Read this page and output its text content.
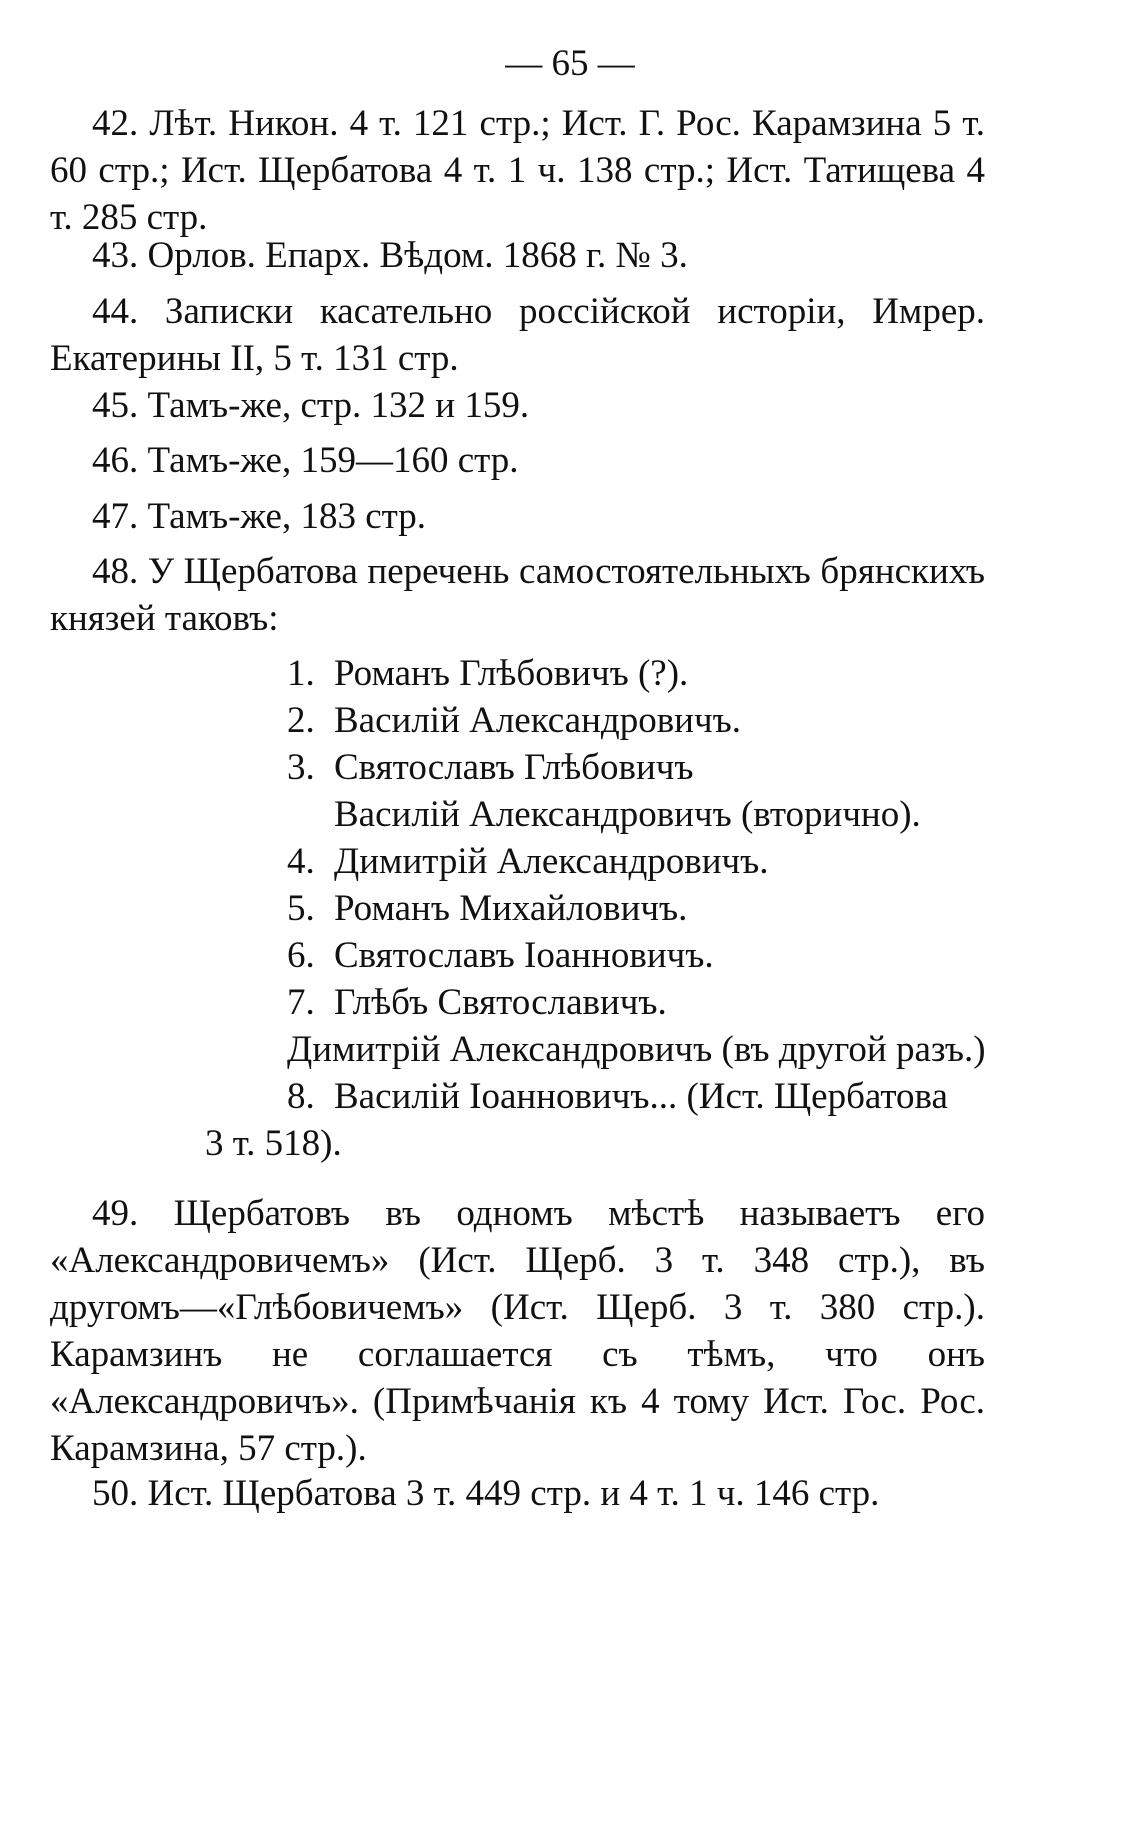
— 65 —
42. Лѣт. Никон. 4 т. 121 стр.; Ист. Г. Рос. Карамзина 5 т. 60 стр.; Ист. Щербатова 4 т. 1 ч. 138 стр.; Ист. Татищева 4 т. 285 стр.
43. Орлов. Епарх. Вѣдом. 1868 г. № 3.
44. Записки касательно россійской исторіи, Имрер. Екатерины II, 5 т. 131 стр.
45. Тамъ-же, стр. 132 и 159.
46. Тамъ-же, 159—160 стр.
47. Тамъ-же, 183 стр.
48. У Щербатова перечень самостоятельныхъ брянскихъ князей таковъ:
1. Романъ Глѣбовичъ (?).
2. Василій Александровичъ.
3. Святославъ Глѣбовичъ
Василій Александровичъ (вторично).
4. Димитрій Александровичъ.
5. Романъ Михайловичъ.
6. Святославъ Іоанновичъ.
7. Глѣбъ Святославичъ.
Димитрій Александровичъ (въ другой разъ.)
8. Василій Іоанновичъ... (Ист. Щербатова
3 т. 518).
49. Щербатовъ въ одномъ мѣстѣ называетъ его «Александровичемъ» (Ист. Щерб. 3 т. 348 стр.), въ другомъ—«Глѣбовичемъ» (Ист. Щерб. 3 т. 380 стр.). Карамзинъ не соглашается съ тѣмъ, что онъ «Александровичъ». (Примѣчанія къ 4 тому Ист. Гос. Рос. Карамзина, 57 стр.).
50. Ист. Щербатова 3 т. 449 стр. и 4 т. 1 ч. 146 стр.
